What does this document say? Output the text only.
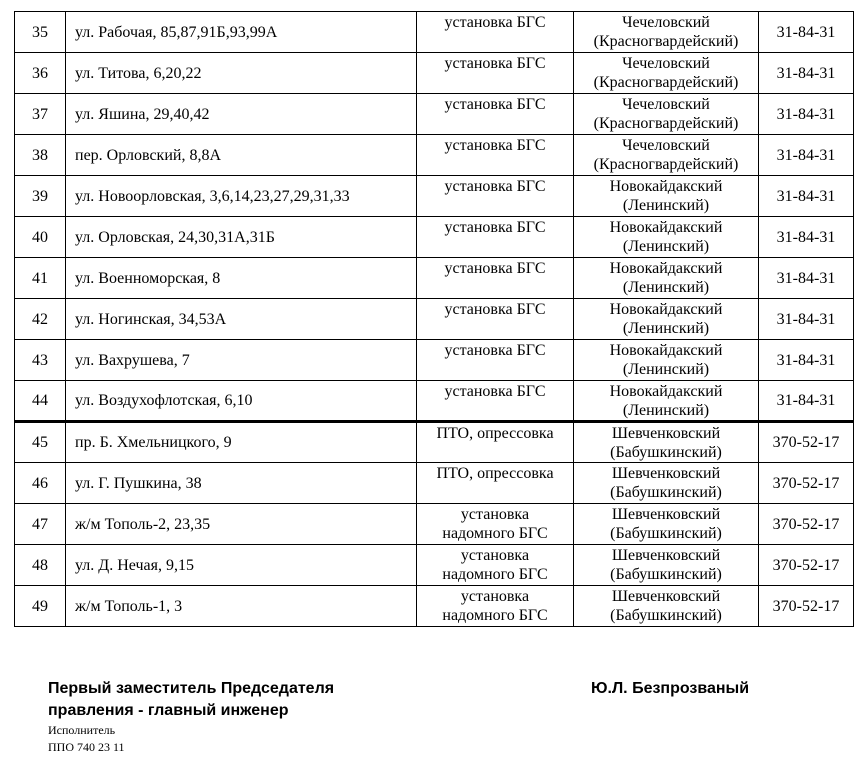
35	ул. Рабочая, 85,87,91Б,93,99А	установка БГС	Чечеловский
(Красногвардейский)	31-84-31
36	ул. Титова, 6,20,22	установка БГС	Чечеловский
(Красногвардейский)	31-84-31
37	ул. Яшина, 29,40,42	установка БГС	Чечеловский
(Красногвардейский)	31-84-31
38	пер. Орловский, 8,8А	установка БГС	Чечеловский
(Красногвардейский)	31-84-31
39	ул. Новоорловская, 3,6,14,23,27,29,31,33	установка БГС	Новокайдакский
(Ленинский)	31-84-31
40	ул. Орловская, 24,30,31А,31Б	установка БГС	Новокайдакский
(Ленинский)	31-84-31
41	ул. Военноморская, 8	установка БГС	Новокайдакский
(Ленинский)	31-84-31
42	ул. Ногинская, 34,53А	установка БГС	Новокайдакский
(Ленинский)	31-84-31
43	ул. Вахрушева, 7	установка БГС	Новокайдакский
(Ленинский)	31-84-31
44	ул. Воздухофлотская, 6,10	установка БГС	Новокайдакский
(Ленинский)	31-84-31
45	пр. Б. Хмельницкого, 9	ПТО, опрессовка	Шевченковский
(Бабушкинский)	370-52-17
46	ул. Г. Пушкина, 38	ПТО, опрессовка	Шевченковский
(Бабушкинский)	370-52-17
47	ж/м Тополь-2, 23,35	установка
надомного БГС	Шевченковский
(Бабушкинский)	370-52-17
48	ул. Д. Нечая, 9,15	установка
надомного БГС	Шевченковский
(Бабушкинский)	370-52-17
49	ж/м Тополь-1, 3	установка
надомного БГС	Шевченковский
(Бабушкинский)	370-52-17
Первый заместитель Председателя
правления - главный инженер
Ю.Л. Безпрозваный
Исполнитель
ППО 740 23 11
